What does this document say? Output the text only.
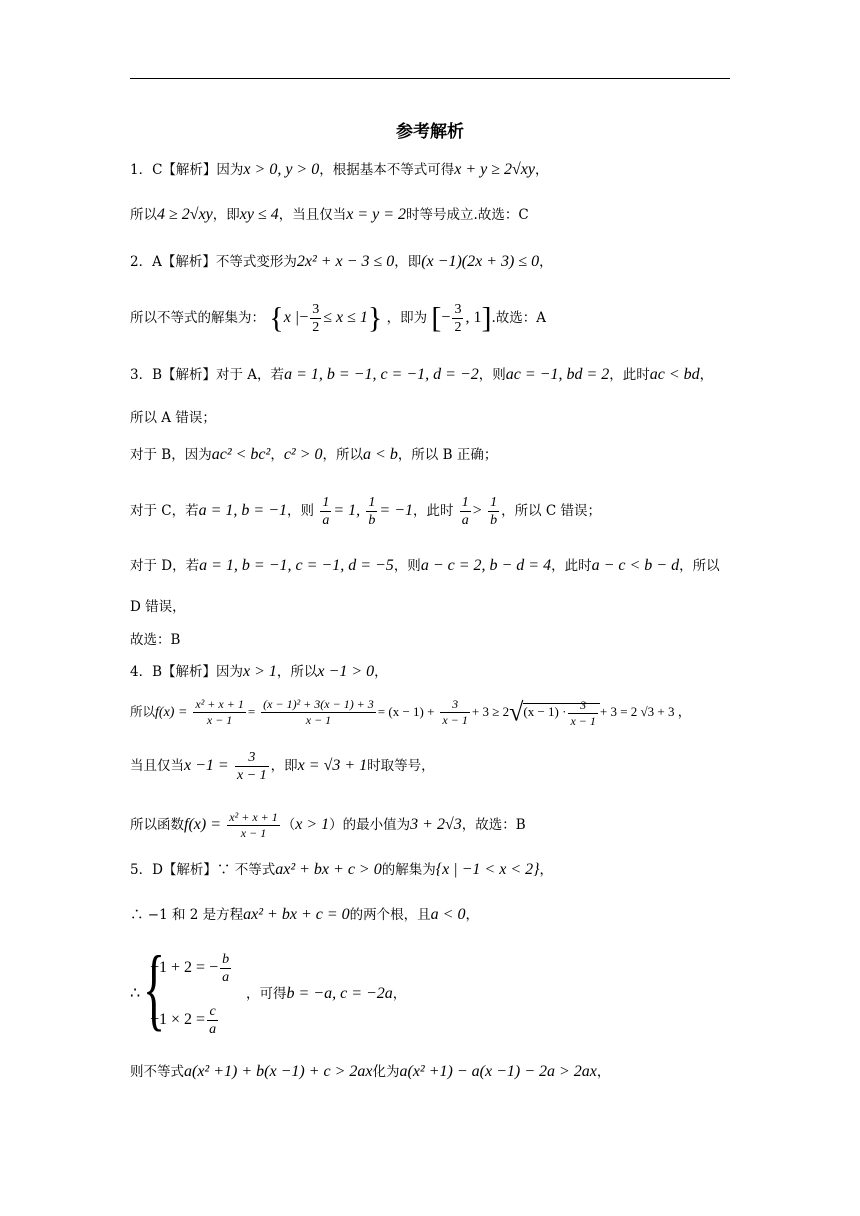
参考解析
1．C【解析】因为x > 0, y > 0，根据基本不等式可得x + y ≥ 2√xy，
所以4 ≥ 2√xy，即xy ≤ 4，当且仅当x = y = 2时等号成立.故选：C
2．A【解析】不等式变形为2x² + x − 3 ≤ 0，即(x −1)(2x + 3) ≤ 0，
所以不等式的解集为： {x |− $\frac{3}{2} \le x \le 1$} ，即为 [− $\frac{3}{2}$ , 1].故选：A
3．B【解析】对于 A，若a = 1, b = −1, c = −1, d = −2，则ac = −1, bd = 2，此时ac < bd，
所以 A 错误；
对于 B，因为ac² < bc²，c² > 0，所以a < b，所以 B 正确；
对于 C，若a = 1, b = −1，则 $\frac{1}{a} = 1$, $\frac{1}{b} = -1$，此时 $\frac{1}{a} > \frac{1}{b}$ ，所以 C 错误；
对于 D，若a = 1, b = −1, c = −1, d = −5，则a − c = 2, b − d = 4，此时a − c < b − d，所以
D 错误，
故选：B
4．B【解析】因为x > 1，所以x −1 > 0，
所以$f(x) = \frac{\text{x² + x + 1}}{x - 1} = \frac{\text{(x − 1)² + 3(x − 1) + 3}}{x - 1} = (x - 1) + \frac{3}{x - 1} + 3 \ge 2√(x - 1) \cdot \frac{3}{x - 1} + 3 = 2$ √3 + 3 ，
当且仅当$x -1 = \frac{3}{x - 1}$ ，即x = √3 + 1时取等号，
所以函数$f(x) = \frac{\text{x² + x + 1}}{x - 1} (x > 1)$的最小值为3 + 2√3，故选：B
5．D【解析】∵ 不等式ax² + bx + c > 0的解集为{x | −1 < x < 2}，
∴ −1 和 2 是方程ax² + bx + c = 0的两个根，且a < 0，
∴ {
−1 + 2 = − $\frac{b}{a}$
$-1 \times 2 = \frac{c}{a}$
，可得b = −a, c = −2a，
则不等式a(x² +1) + b(x −1) + c > 2ax化为a(x² +1) − a(x −1) − 2a > 2ax，
